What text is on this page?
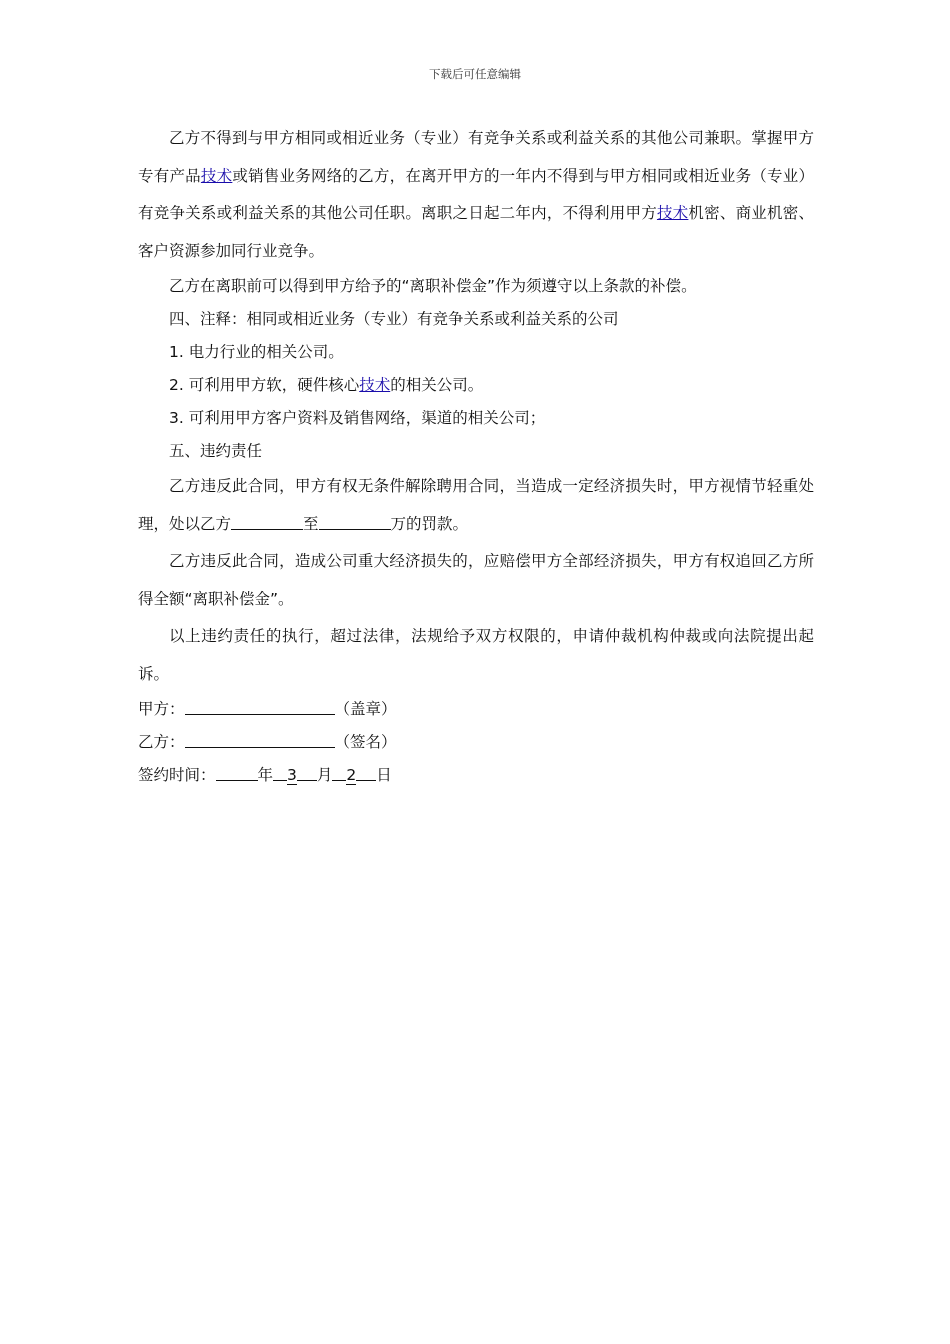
下载后可任意编辑

乙方不得到与甲方相同或相近业务（专业）有竞争关系或利益关系的其他公司兼职。掌握甲方专有产品技术或销售业务网络的乙方，在离开甲方的一年内不得到与甲方相同或相近业务（专业）有竞争关系或利益关系的其他公司任职。离职之日起二年内，不得利用甲方技术机密、商业机密、客户资源参加同行业竞争。

乙方在离职前可以得到甲方给予的“离职补偿金”作为须遵守以上条款的补偿。

四、注释：相同或相近业务（专业）有竞争关系或利益关系的公司

1. 电力行业的相关公司。

2. 可利用甲方软，硬件核心技术的相关公司。

3. 可利用甲方客户资料及销售网络，渠道的相关公司；

五、违约责任

乙方违反此合同，甲方有权无条件解除聘用合同，当造成一定经济损失时，甲方视情节轻重处理，处以乙方	至	万的罚款。

乙方违反此合同，造成公司重大经济损失的，应赔偿甲方全部经济损失，甲方有权追回乙方所得全额“离职补偿金”。

以上违约责任的执行，超过法律，法规给予双方权限的，申请仲裁机构仲裁或向法院提出起诉。

甲方：	（盖章）

乙方：	（签名）

签约时间：	年 3 月 2 日
